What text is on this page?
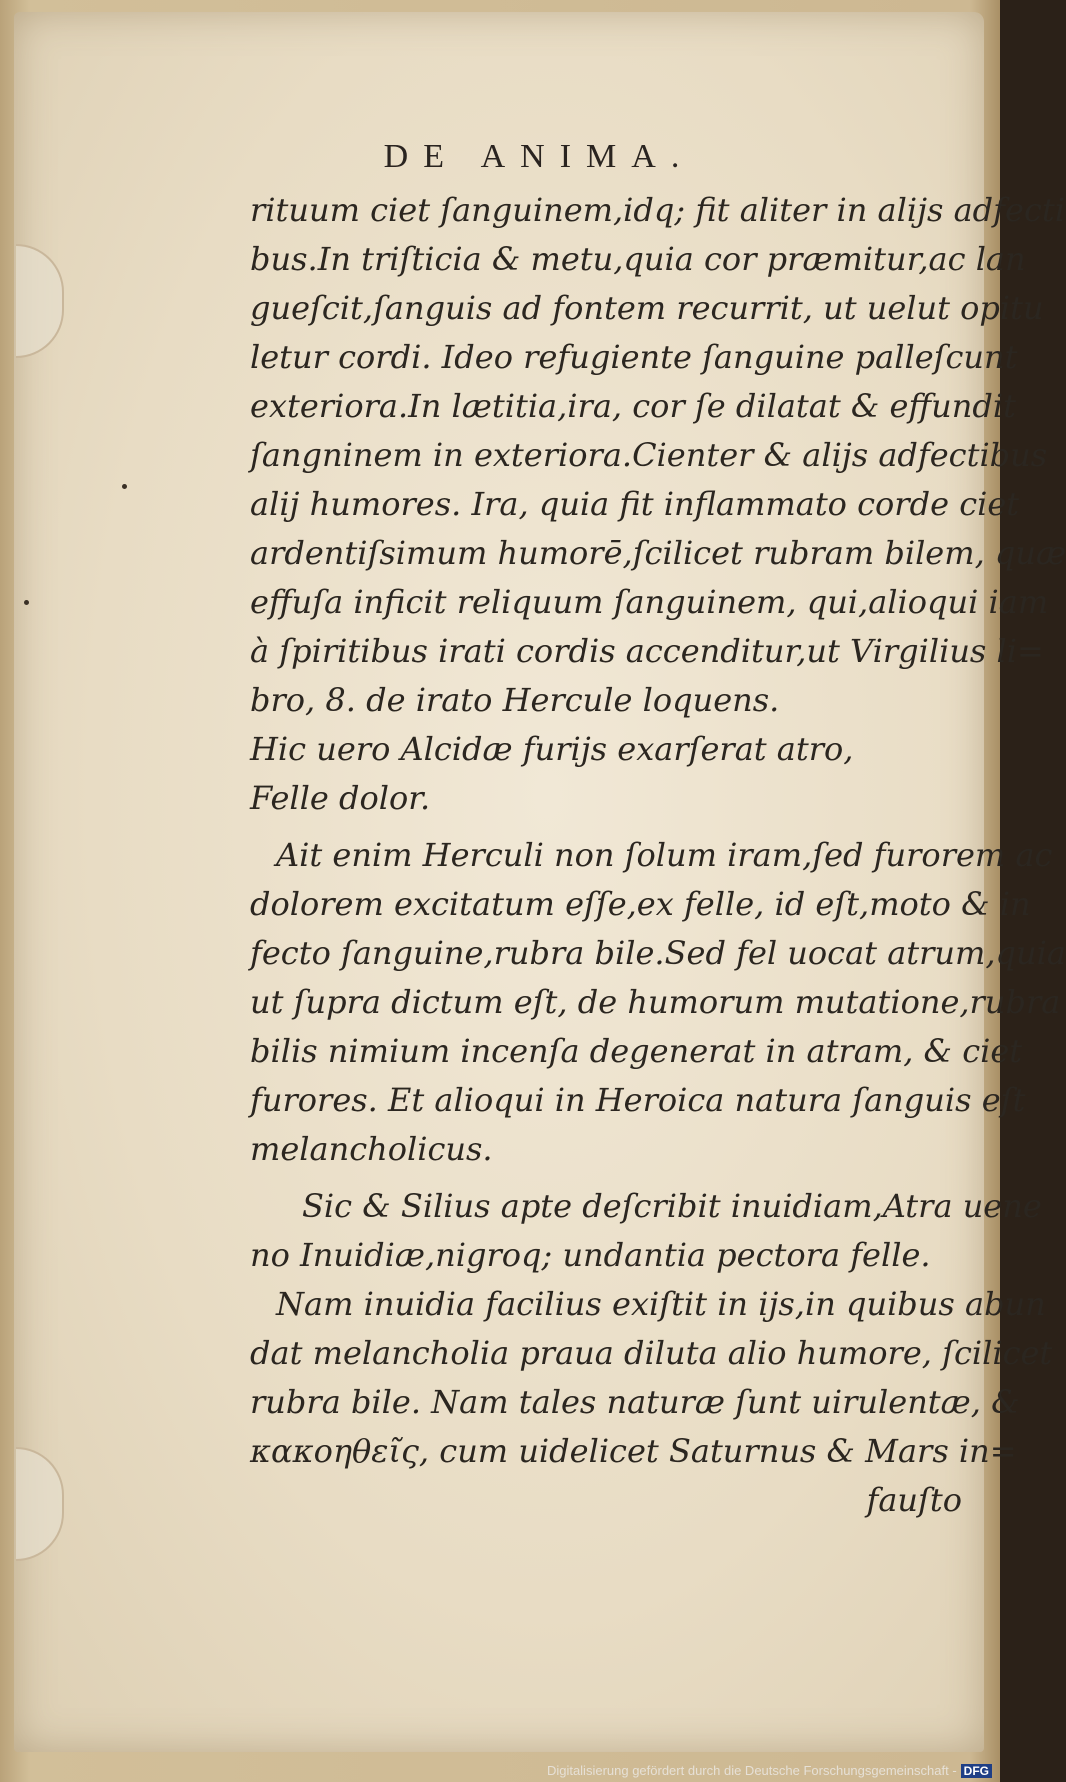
DE ANIMA.
rituum ciet ſanguinem,idq; fit aliter in alijs adfecti
bus.In triſticia & metu,quia cor præmitur,ac lan
gueſcit,ſanguis ad fontem recurrit, ut uelut opitu
letur cordi. Ideo refugiente ſanguine palleſcunt
exteriora.In lætitia,ira, cor ſe dilatat & effundit
ſangninem in exteriora.Cienter & alijs adfectibus
alij humores. Ira, quia fit inflammato corde ciet
ardentiſsimum humorē,ſcilicet rubram bilem, quæ
effuſa inficit reliquum ſanguinem, qui,alioqui iam
à ſpiritibus irati cordis accenditur,ut Virgilius li=
bro, 8. de irato Hercule loquens.
Hic uero Alcidæ furijs exarſerat atro,
Felle dolor.
Ait enim Herculi non ſolum iram,ſed furorem ac
dolorem excitatum eſſe,ex felle, id eſt,moto & in
fecto ſanguine,rubra bile.Sed fel uocat atrum,quia
ut ſupra dictum eſt, de humorum mutatione,rubra
bilis nimium incenſa degenerat in atram, & ciet
furores. Et alioqui in Heroica natura ſanguis eſt
melancholicus.
Sic & Silius apte deſcribit inuidiam,Atra uene
no Inuidiæ,nigroq; undantia pectora felle.
Nam inuidia facilius exiſtit in ijs,in quibus abun
dat melancholia praua diluta alio humore, ſcilicet
rubra bile. Nam tales naturæ ſunt uirulentæ, &
κακοηθεῖς, cum uidelicet Saturnus & Mars in=
fauſto
Digitalisierung gefördert durch die Deutsche Forschungsgemeinschaft - DFG
